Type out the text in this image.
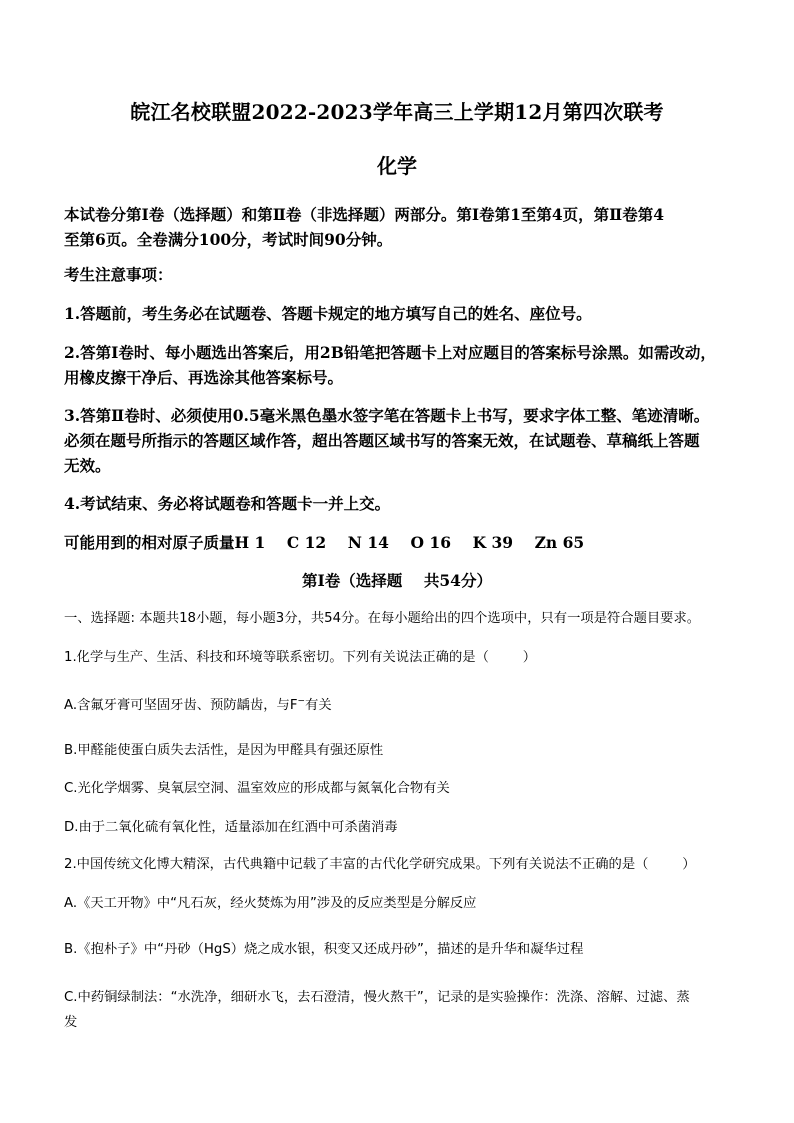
皖江名校联盟2022-2023学年高三上学期12月第四次联考
化学
本试卷分第Ⅰ卷（选择题）和第Ⅱ卷（非选择题）两部分。第Ⅰ卷第1至第4页，第Ⅱ卷第4
至第6页。全卷满分100分，考试时间90分钟。
考生注意事项：
1.答题前，考生务必在试题卷、答题卡规定的地方填写自己的姓名、座位号。
2.答第Ⅰ卷时、每小题选出答案后，用2B铅笔把答题卡上对应题目的答案标号涂黑。如需改动，
用橡皮擦干净后、再选涂其他答案标号。
3.答第Ⅱ卷时、必须使用0.5毫米黑色墨水签字笔在答题卡上书写，要求字体工整、笔迹清晰。
必须在题号所指示的答题区域作答，超出答题区域书写的答案无效，在试题卷、草稿纸上答题
无效。
4.考试结束、务必将试题卷和答题卡一并上交。
可能用到的相对原子质量H 1    C 12    N 14    O 16    K 39    Zn 65
第Ⅰ卷（选择题    共54分）
一、选择题: 本题共18小题，每小题3分，共54分。在每小题给出的四个选项中，只有一项是符合题目要求。
1.化学与生产、生活、科技和环境等联系密切。下列有关说法正确的是（        ）
A.含氟牙膏可坚固牙齿、预防龋齿，与F−有关
B.甲醛能使蛋白质失去活性，是因为甲醛具有强还原性
C.光化学烟雾、臭氧层空洞、温室效应的形成都与氮氧化合物有关
D.由于二氧化硫有氧化性，适量添加在红酒中可杀菌消毒
2.中国传统文化博大精深，古代典籍中记载了丰富的古代化学研究成果。下列有关说法不正确的是（        ）
A.《天工开物》中“凡石灰，经火焚炼为用”涉及的反应类型是分解反应
B.《抱朴子》中“丹砂（HgS）烧之成水银，积变又还成丹砂”，描述的是升华和凝华过程
C.中药铜绿制法：“水洗净，细研水飞，去石澄清，慢火熬干”，记录的是实验操作：洗涤、溶解、过滤、蒸
发
